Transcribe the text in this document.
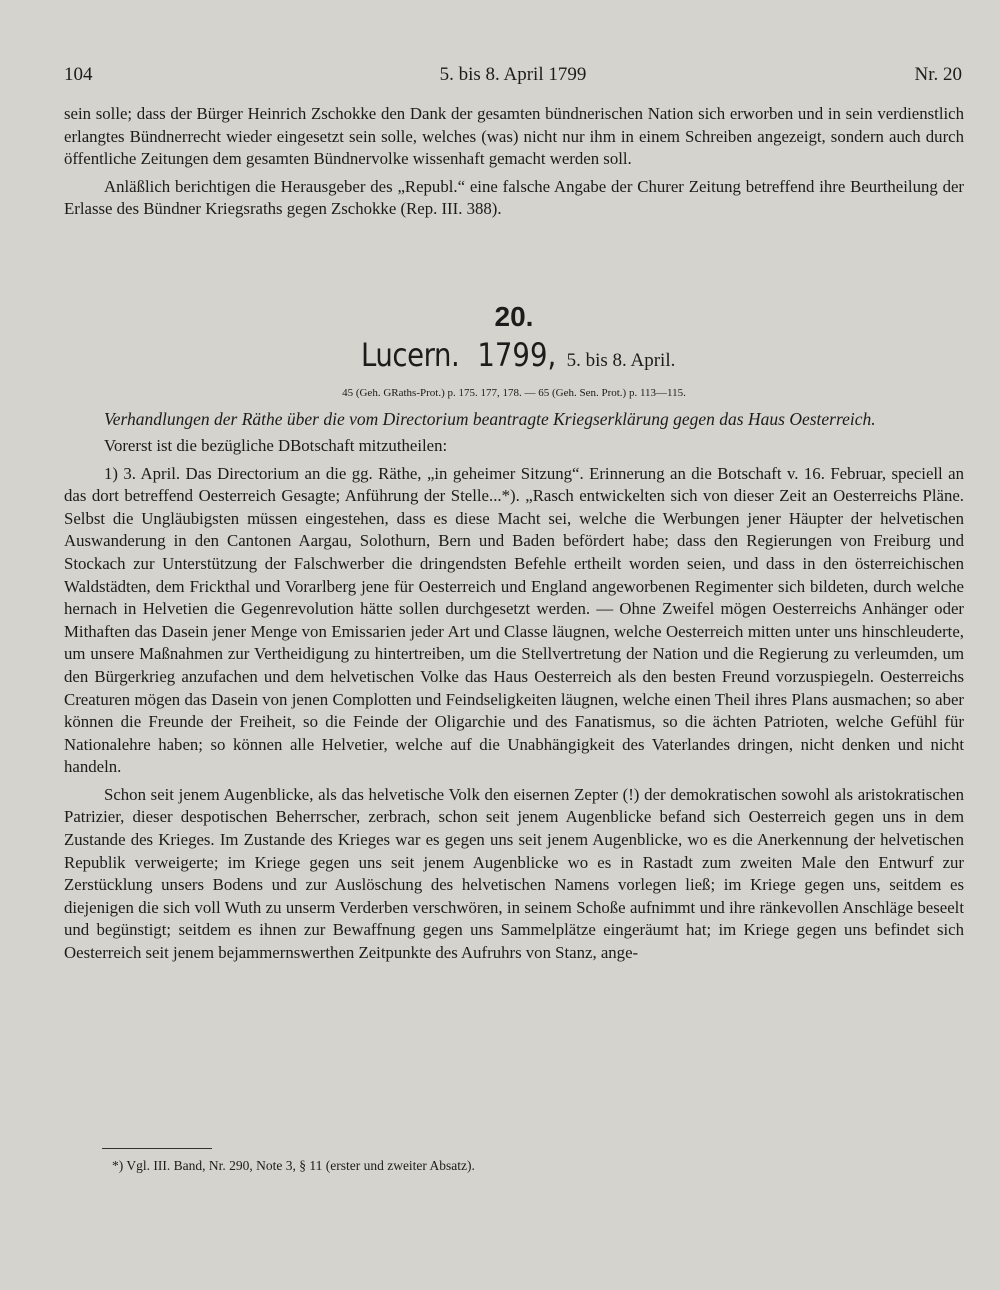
104	5. bis 8. April 1799	Nr. 20

sein solle; dass der Bürger Heinrich Zschokke den Dank der gesamten bündnerischen Nation sich erworben und in sein verdienstlich erlangtes Bündnerrecht wieder eingesetzt sein solle, welches (was) nicht nur ihm in einem Schreiben angezeigt, sondern auch durch öffentliche Zeitungen dem gesamten Bündnervolke wissenhaft gemacht werden soll.

Anläßlich berichtigen die Herausgeber des „Republ.“ eine falsche Angabe der Churer Zeitung betreffend ihre Beurtheilung der Erlasse des Bündner Kriegsraths gegen Zschokke (Rep. III. 388).

20.
Lucern. 1799, 5. bis 8. April.
45 (Geh. GRaths-Prot.) p. 175. 177, 178. — 65 (Geh. Sen. Prot.) p. 113—115.

Verhandlungen der Räthe über die vom Directorium beantragte Kriegserklärung gegen das Haus Oesterreich.

Vorerst ist die bezügliche DBotschaft mitzutheilen:

1) 3. April. Das Directorium an die gg. Räthe, „in geheimer Sitzung“. Erinnerung an die Botschaft v. 16. Februar, speciell an das dort betreffend Oesterreich Gesagte; Anführung der Stelle...*). „Rasch entwickelten sich von dieser Zeit an Oesterreichs Pläne. Selbst die Ungläubigsten müssen eingestehen, dass es diese Macht sei, welche die Werbungen jener Häupter der helvetischen Auswanderung in den Cantonen Aargau, Solothurn, Bern und Baden befördert habe; dass den Regierungen von Freiburg und Stockach zur Unterstützung der Falschwerber die dringendsten Befehle ertheilt worden seien, und dass in den österreichischen Waldstädten, dem Frickthal und Vorarlberg jene für Oesterreich und England angeworbenen Regimenter sich bildeten, durch welche hernach in Helvetien die Gegenrevolution hätte sollen durchgesetzt werden. — Ohne Zweifel mögen Oesterreichs Anhänger oder Mithaften das Dasein jener Menge von Emissarien jeder Art und Classe läugnen, welche Oesterreich mitten unter uns hinschleuderte, um unsere Maßnahmen zur Vertheidigung zu hintertreiben, um die Stellvertretung der Nation und die Regierung zu verleumden, um den Bürgerkrieg anzufachen und dem helvetischen Volke das Haus Oesterreich als den besten Freund vorzuspiegeln. Oesterreichs Creaturen mögen das Dasein von jenen Complotten und Feindseligkeiten läugnen, welche einen Theil ihres Plans ausmachen; so aber können die Freunde der Freiheit, so die Feinde der Oligarchie und des Fanatismus, so die ächten Patrioten, welche Gefühl für Nationalehre haben; so können alle Helvetier, welche auf die Unabhängigkeit des Vaterlandes dringen, nicht denken und nicht handeln.

Schon seit jenem Augenblicke, als das helvetische Volk den eisernen Zepter (!) der demokratischen sowohl als aristokratischen Patrizier, dieser despotischen Beherrscher, zerbrach, schon seit jenem Augenblicke befand sich Oesterreich gegen uns in dem Zustande des Krieges. Im Zustande des Krieges war es gegen uns seit jenem Augenblicke, wo es die Anerkennung der helvetischen Republik verweigerte; im Kriege gegen uns seit jenem Augenblicke wo es in Rastadt zum zweiten Male den Entwurf zur Zerstücklung unsers Bodens und zur Auslöschung des helvetischen Namens vorlegen ließ; im Kriege gegen uns, seitdem es diejenigen die sich voll Wuth zu unserm Verderben verschwören, in seinem Schoße aufnimmt und ihre ränkevollen Anschläge beseelt und begünstigt; seitdem es ihnen zur Bewaffnung gegen uns Sammelplätze eingeräumt hat; im Kriege gegen uns befindet sich Oesterreich seit jenem bejammernswerthen Zeitpunkte des Aufruhrs von Stanz, ange-

*) Vgl. III. Band, Nr. 290, Note 3, § 11 (erster und zweiter Absatz).
